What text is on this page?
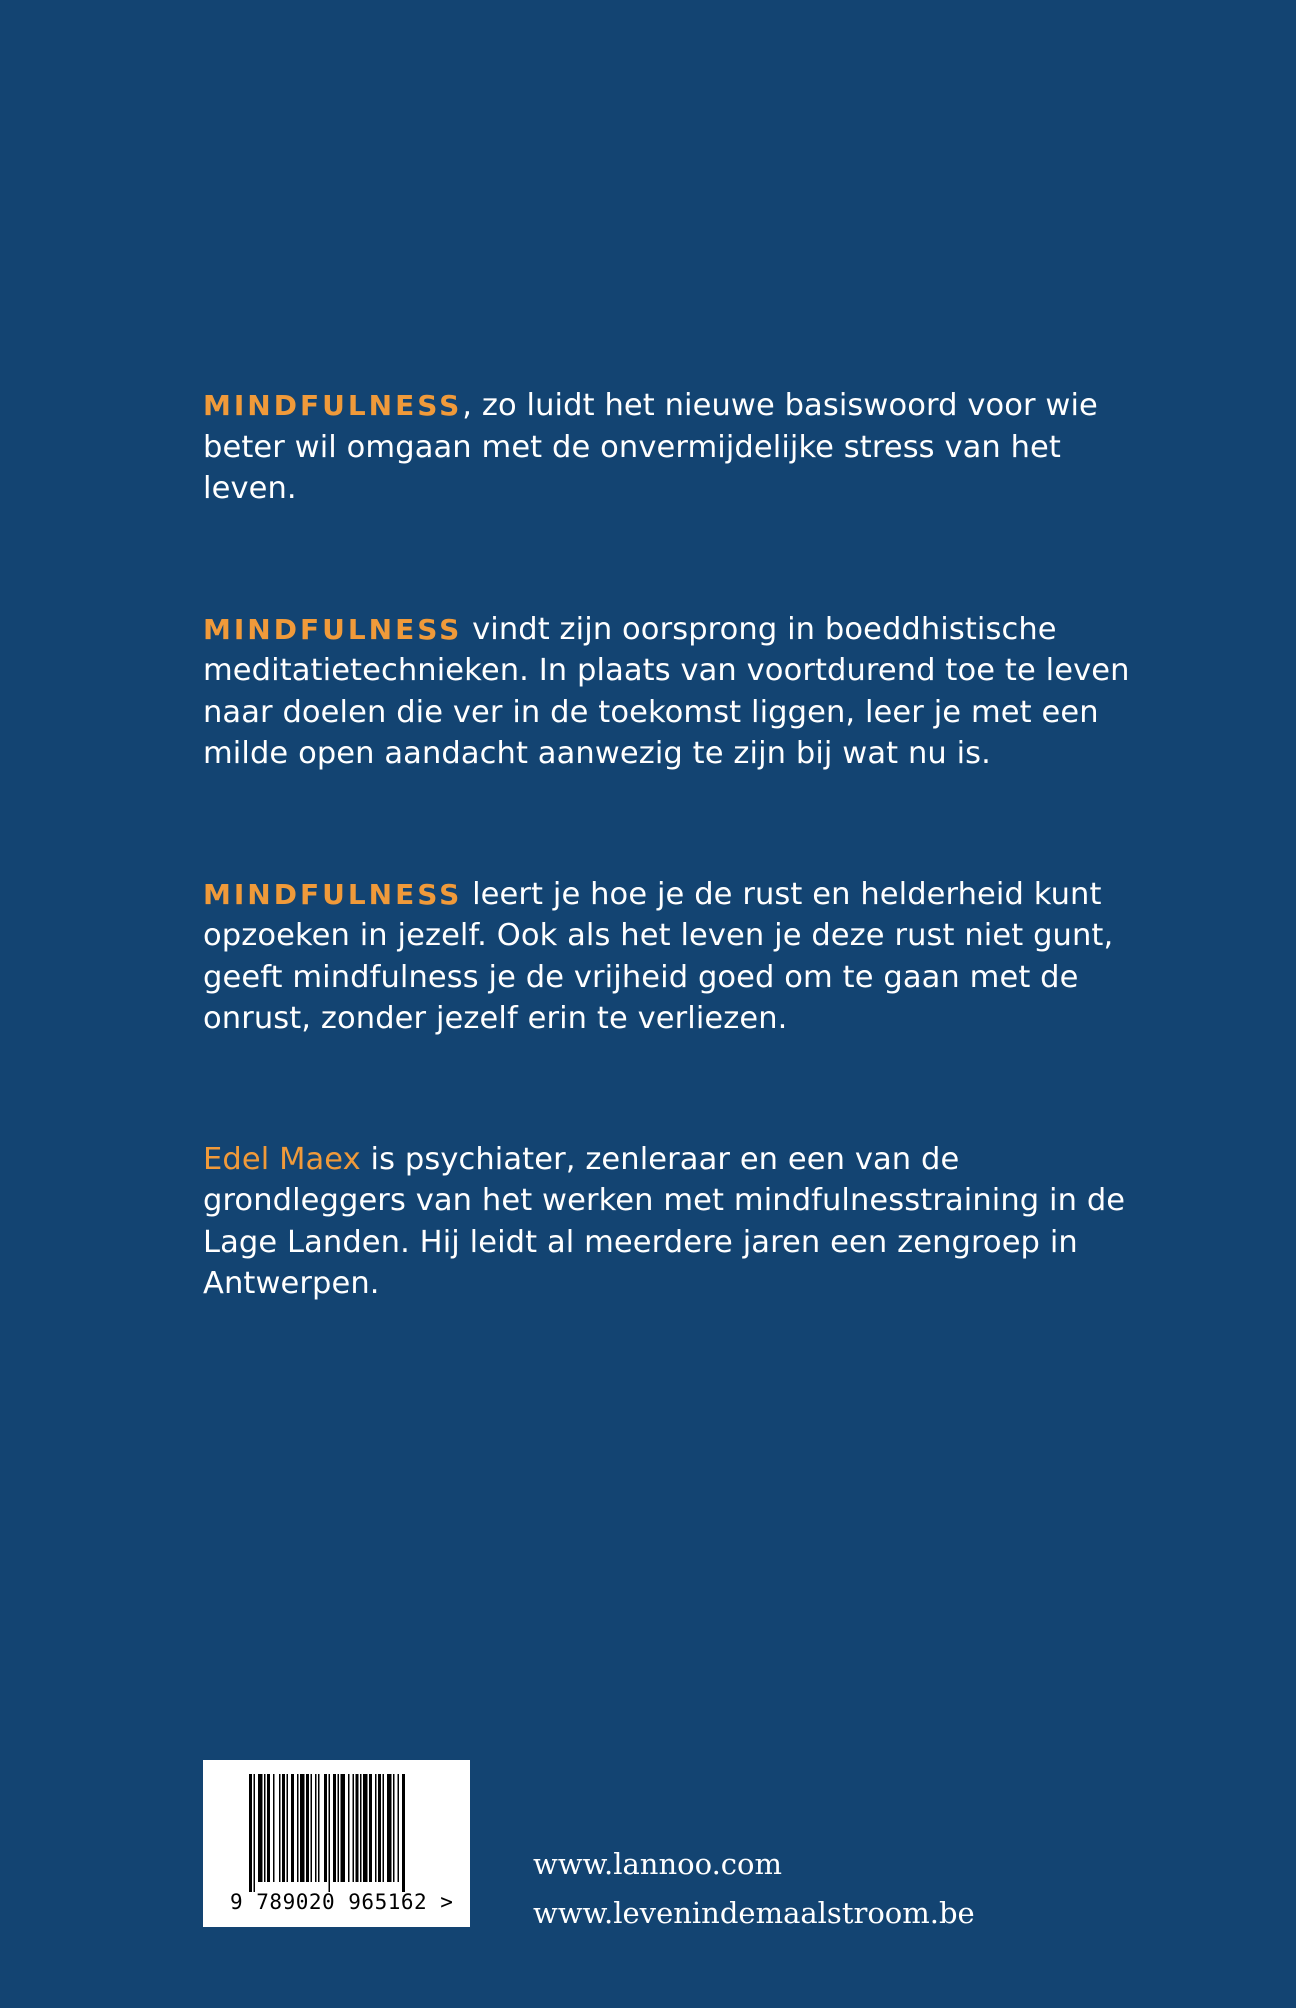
MINDFULNESS, zo luidt het nieuwe basiswoord voor wie beter wil omgaan met de onvermijdelijke stress van het leven.

MINDFULNESS vindt zijn oorsprong in boeddhistische meditatietechnieken. In plaats van voortdurend toe te leven naar doelen die ver in de toekomst liggen, leer je met een milde open aandacht aanwezig te zijn bij wat nu is.

MINDFULNESS leert je hoe je de rust en helderheid kunt opzoeken in jezelf. Ook als het leven je deze rust niet gunt, geeft mindfulness je de vrijheid goed om te gaan met de onrust, zonder jezelf erin te verliezen.

Edel Maex is psychiater, zenleraar en een van de grondleggers van het werken met mindfulnesstraining in de Lage Landen. Hij leidt al meerdere jaren een zengroep in Antwerpen.

9 789020 965162 >
www.lannoo.com
www.levenindemaalstroom.be
